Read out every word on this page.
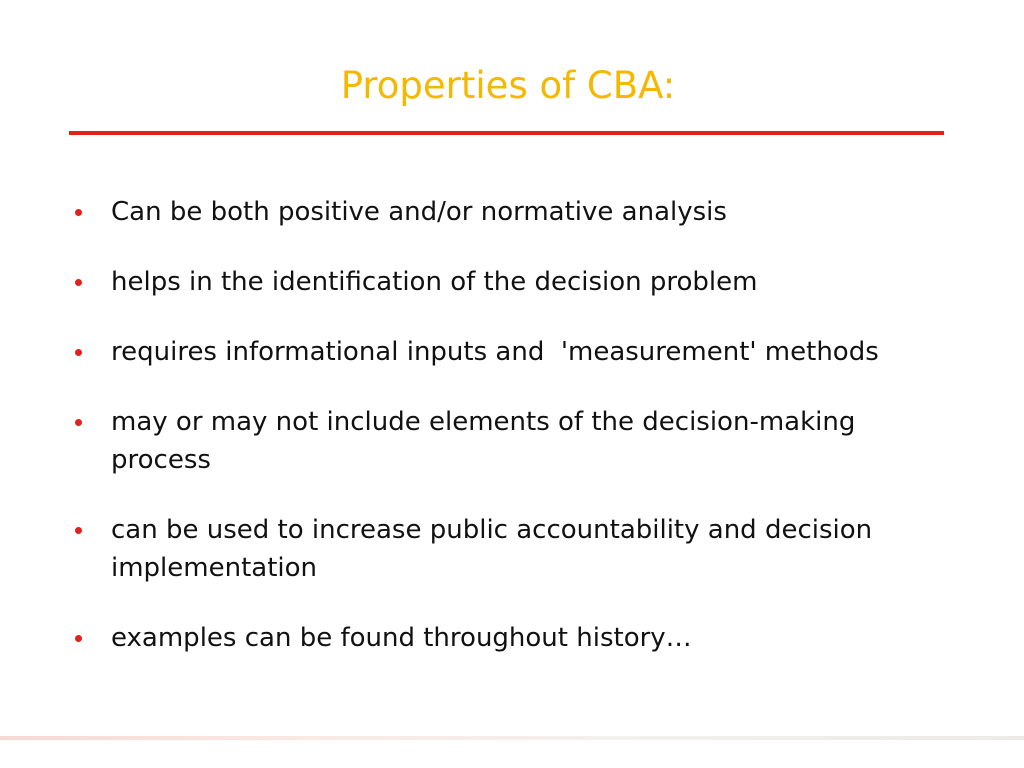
Properties of CBA:
Can be both positive and/or normative analysis
helps in the identification of the decision problem
requires informational inputs and  'measurement' methods
may or may not include elements of the decision-making
process
can be used to increase public accountability and decision
implementation
examples can be found throughout history…
